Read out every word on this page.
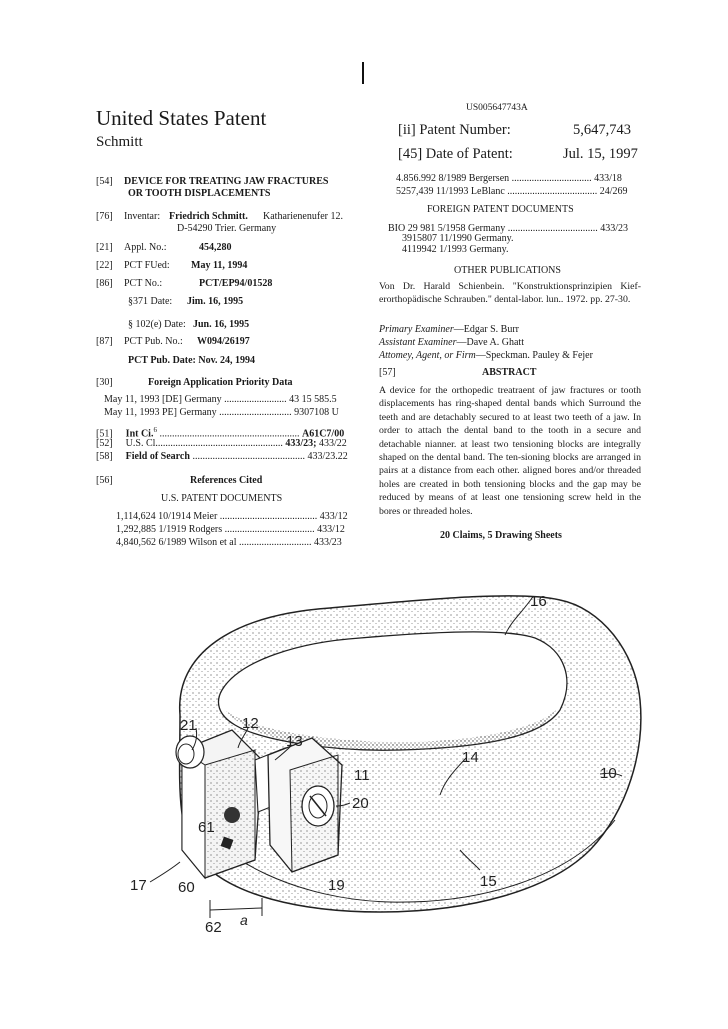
US005647743A
United States Patent
Schmitt
[ii] Patent Number:	5,647,743
[45] Date of Patent:	Jul. 15, 1997
[54] DEVICE FOR TREATING JAW FRACTURES
OR TOOTH DISPLACEMENTS
[76] Inventar: Friedrich Schmitt. Katharienenufer 12.
D-54290 Trier. Germany
[21] Appl. No.:	454,280
[22] PCT FUed: May 11, 1994
[86] PCT No.:	PCT/EP94/01528
§371 Date: Jim. 16, 1995
§ 102(e) Date: Jun. 16, 1995
[87] PCT Pub. No.: W094/26197
PCT Pub. Date: Nov. 24, 1994
[30]	Foreign Application Priority Data
May 11, 1993 [DE] Germany ......................... 43 15 585.5
May 11, 1993 PE] Germany ............................. 9307108 U
[51] Int Ci.$^6$ ........................................................ A61C7/00
[52] U.S. Cl................................................... 433/23; 433/22
[58] Field of Search ............................................. 433/23.22
[56]	References Cited
U.S. PATENT DOCUMENTS
1,114,624 10/1914 Meier ....................................... 433/12
1,292,885 1/1919 Rodgers .................................... 433/12
4,840,562 6/1989 Wilson et al ............................. 433/23
4.856.992 8/1989 Bergersen ................................ 433/18
5257,439 11/1993 LeBlanc .................................... 24/269
FOREIGN PATENT DOCUMENTS
BIO 29 981 5/1958 Germany .................................... 433/23
3915807 11/1990 Germany.
4119942 1/1993 Germany.
OTHER PUBLICATIONS
Von Dr. Harald Schienbein. "Konstruktionsprinzipien Kief-erorthopädische Schrauben." dental-labor. lun.. 1972. pp. 27-30.
Primary Examiner—Edgar S. Burr
Assistant Examiner—Dave A. Ghatt
Attomey, Agent, or Firm—Speckman. Pauley & Fejer
[57]	ABSTRACT
A device for the orthopedic treatraent of jaw fractures or tooth displacements has ring-shaped dental bands which Surround the teeth and are detachably secured to at least two teeth of a jaw. In order to attach the dental band to the tooth in a secure and detachable nianner. at least two tensioning blocks are integrally shaped on the dental band. The ten-sioning blocks are arranged in pairs at a distance from each other. aligned bores and/or threaded holes are created in both tensioning blocks and the gap may be reduced by means of at least one tensioning screw held in the bores or threaded holes.
20 Claims, 5 Drawing Sheets
16
21	12
13
11
14
10
61
20
17 60	19	15
62 a
